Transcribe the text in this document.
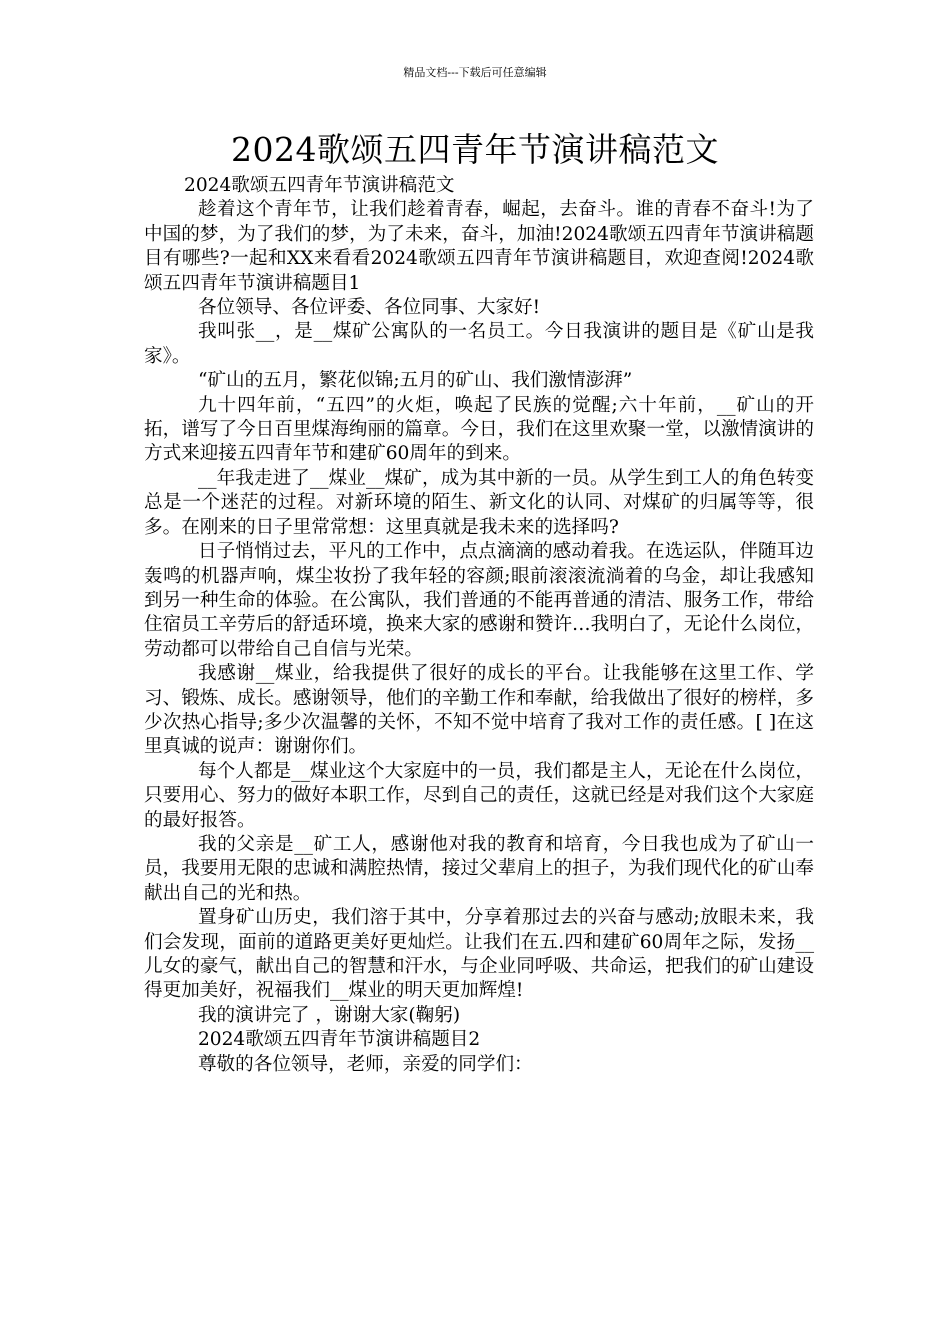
精品文档---下载后可任意编辑
2024歌颂五四青年节演讲稿范文

2024歌颂五四青年节演讲稿范文

趁着这个青年节，让我们趁着青春，崛起，去奋斗。谁的青春不奋斗!为了中国的梦，为了我们的梦，为了未来，奋斗，加油!2024歌颂五四青年节演讲稿题目有哪些?一起和XX来看看2024歌颂五四青年节演讲稿题目，欢迎查阅!2024歌颂五四青年节演讲稿题目1

各位领导、各位评委、各位同事、大家好!

我叫张__，是__煤矿公寓队的一名员工。今日我演讲的题目是《矿山是我家》。

“矿山的五月，繁花似锦;五月的矿山、我们激情澎湃”

九十四年前，“五四”的火炬，唤起了民族的觉醒;六十年前，__矿山的开拓，谱写了今日百里煤海绚丽的篇章。今日，我们在这里欢聚一堂，以激情演讲的方式来迎接五四青年节和建矿60周年的到来。

__年我走进了__煤业__煤矿，成为其中新的一员。从学生到工人的角色转变总是一个迷茫的过程。对新环境的陌生、新文化的认同、对煤矿的归属等等，很多。在刚来的日子里常常想：这里真就是我未来的选择吗?

日子悄悄过去，平凡的工作中，点点滴滴的感动着我。在选运队，伴随耳边轰鸣的机器声响，煤尘妆扮了我年轻的容颜;眼前滚滚流淌着的乌金，却让我感知到另一种生命的体验。在公寓队，我们普通的不能再普通的清洁、服务工作，带给住宿员工辛劳后的舒适环境，换来大家的感谢和赞许…我明白了，无论什么岗位，劳动都可以带给自己自信与光荣。

我感谢__煤业，给我提供了很好的成长的平台。让我能够在这里工作、学习、锻炼、成长。感谢领导，他们的辛勤工作和奉献，给我做出了很好的榜样，多少次热心指导;多少次温馨的关怀，不知不觉中培育了我对工作的责任感。[ ]在这里真诚的说声：谢谢你们。

每个人都是__煤业这个大家庭中的一员，我们都是主人，无论在什么岗位，只要用心、努力的做好本职工作，尽到自己的责任，这就已经是对我们这个大家庭的最好报答。

我的父亲是__矿工人，感谢他对我的教育和培育，今日我也成为了矿山一员，我要用无限的忠诚和满腔热情，接过父辈肩上的担子，为我们现代化的矿山奉献出自己的光和热。

置身矿山历史，我们溶于其中，分享着那过去的兴奋与感动;放眼未来，我们会发现，面前的道路更美好更灿烂。让我们在五.四和建矿60周年之际，发扬__儿女的豪气，献出自己的智慧和汗水，与企业同呼吸、共命运，把我们的矿山建设得更加美好，祝福我们__煤业的明天更加辉煌!

我的演讲完了 ，谢谢大家(鞠躬)

2024歌颂五四青年节演讲稿题目2

尊敬的各位领导，老师，亲爱的同学们：
